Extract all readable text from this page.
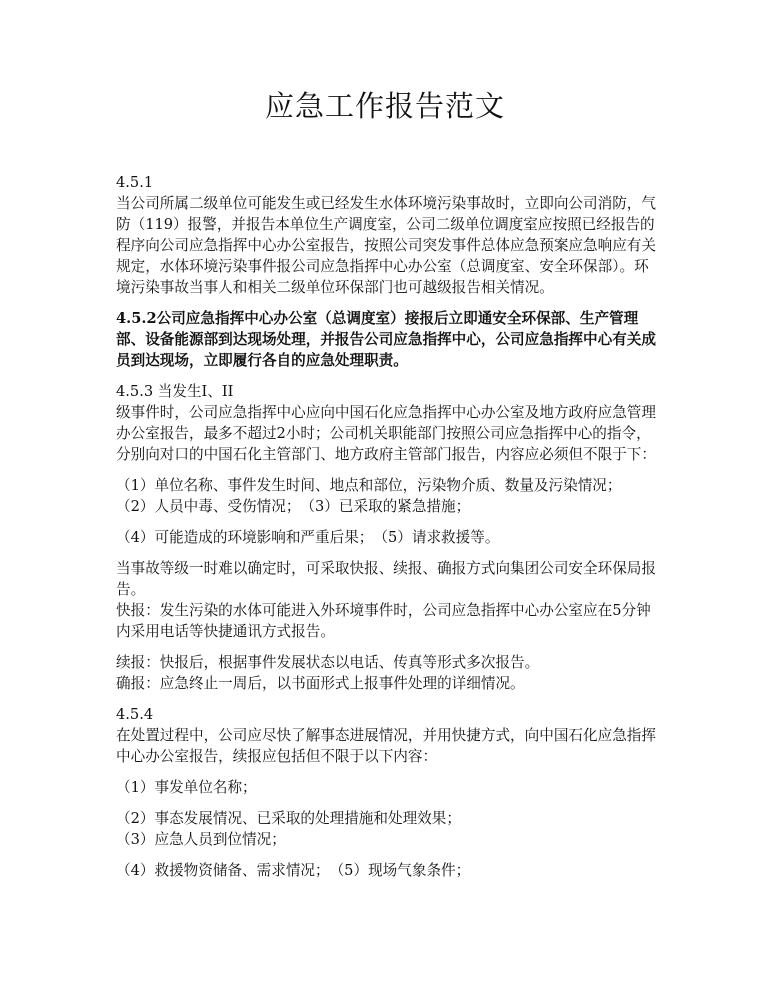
应急工作报告范文

4.5.1

当公司所属二级单位可能发生或已经发生水体环境污染事故时，立即向公司消防，气防（119）报警，并报告本单位生产调度室，公司二级单位调度室应按照已经报告的程序向公司应急指挥中心办公室报告，按照公司突发事件总体应急预案应急响应有关规定，水体环境污染事件报公司应急指挥中心办公室（总调度室、安全环保部）。环境污染事故当事人和相关二级单位环保部门也可越级报告相关情况。

4.5.2公司应急指挥中心办公室（总调度室）接报后立即通安全环保部、生产管理部、设备能源部到达现场处理，并报告公司应急指挥中心，公司应急指挥中心有关成员到达现场，立即履行各自的应急处理职责。

4.5.3 当发生I、II

级事件时，公司应急指挥中心应向中国石化应急指挥中心办公室及地方政府应急管理办公室报告，最多不超过2小时；公司机关职能部门按照公司应急指挥中心的指令，分别向对口的中国石化主管部门、地方政府主管部门报告，内容应必须但不限于下：

（1）单位名称、事件发生时间、地点和部位，污染物介质、数量及污染情况；

（2）人员中毒、受伤情况；　（3）已采取的紧急措施；

（4）可能造成的环境影响和严重后果；　（5）请求救援等。

当事故等级一时难以确定时，可采取快报、续报、确报方式向集团公司安全环保局报告。

快报：发生污染的水体可能进入外环境事件时，公司应急指挥中心办公室应在5分钟内采用电话等快捷通讯方式报告。

续报：快报后，根据事件发展状态以电话、传真等形式多次报告。

确报：应急终止一周后，以书面形式上报事件处理的详细情况。

4.5.4

在处置过程中，公司应尽快了解事态进展情况，并用快捷方式，向中国石化应急指挥中心办公室报告，续报应包括但不限于以下内容：

（1）事发单位名称；

（2）事态发展情况、已采取的处理措施和处理效果；

（3）应急人员到位情况；

（4）救援物资储备、需求情况；　（5）现场气象条件；
